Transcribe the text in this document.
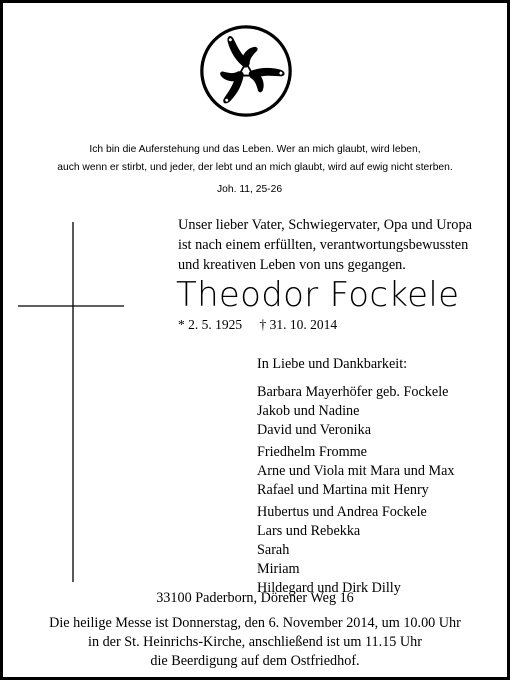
Ich bin die Auferstehung und das Leben. Wer an mich glaubt, wird leben,
auch wenn er stirbt, und jeder, der lebt und an mich glaubt, wird auf ewig nicht sterben.
Joh. 11, 25-26
Unser lieber Vater, Schwiegervater, Opa und Uropa
ist nach einem erfüllten, verantwortungsbewussten
und kreativen Leben von uns gegangen.
Theodor Fockele
* 2. 5. 1925 † 31. 10. 2014
In Liebe und Dankbarkeit:
Barbara Mayerhöfer geb. Fockele
Jakob und Nadine
David und Veronika
Friedhelm Fromme
Arne und Viola mit Mara und Max
Rafael und Martina mit Henry
Hubertus und Andrea Fockele
Lars und Rebekka
Sarah
Miriam
Hildegard und Dirk Dilly
33100 Paderborn, Dörener Weg 16
Die heilige Messe ist Donnerstag, den 6. November 2014, um 10.00 Uhr
in der St. Heinrichs-Kirche, anschließend ist um 11.15 Uhr
die Beerdigung auf dem Ostfriedhof.
